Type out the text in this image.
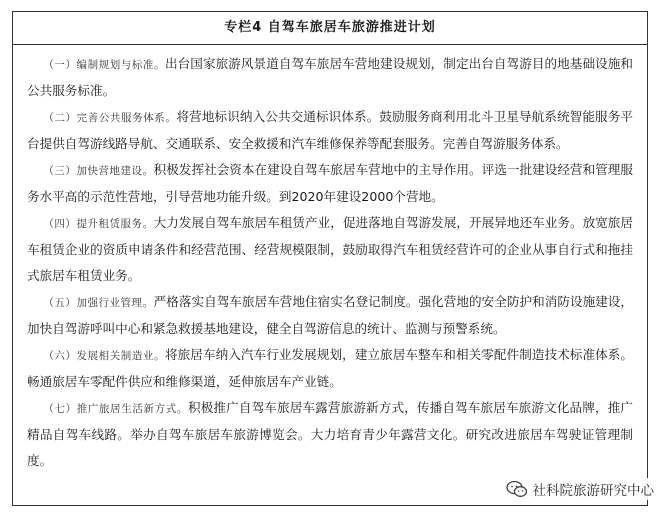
专栏4 自驾车旅居车旅游推进计划

（一）编制规划与标准。出台国家旅游风景道自驾车旅居车营地建设规划，制定出台自驾游目的地基础设施和公共服务标准。

（二）完善公共服务体系。将营地标识纳入公共交通标识体系。鼓励服务商利用北斗卫星导航系统智能服务平台提供自驾游线路导航、交通联系、安全救援和汽车维修保养等配套服务。完善自驾游服务体系。

（三）加快营地建设。积极发挥社会资本在建设自驾车旅居车营地中的主导作用。评选一批建设经营和管理服务水平高的示范性营地，引导营地功能升级。到2020年建设2000个营地。

（四）提升租赁服务。大力发展自驾车旅居车租赁产业，促进落地自驾游发展，开展异地还车业务。放宽旅居车租赁企业的资质申请条件和经营范围、经营规模限制，鼓励取得汽车租赁经营许可的企业从事自行式和拖挂式旅居车租赁业务。

（五）加强行业管理。严格落实自驾车旅居车营地住宿实名登记制度。强化营地的安全防护和消防设施建设，加快自驾游呼叫中心和紧急救援基地建设，健全自驾游信息的统计、监测与预警系统。

（六）发展相关制造业。将旅居车纳入汽车行业发展规划，建立旅居车整车和相关零配件制造技术标准体系。畅通旅居车零配件供应和维修渠道，延伸旅居车产业链。

（七）推广旅居生活新方式。积极推广自驾车旅居车露营旅游新方式，传播自驾车旅居车旅游文化品牌，推广精品自驾车线路。举办自驾车旅居车旅游博览会。大力培育青少年露营文化。研究改进旅居车驾驶证管理制度。

社科院旅游研究中心
